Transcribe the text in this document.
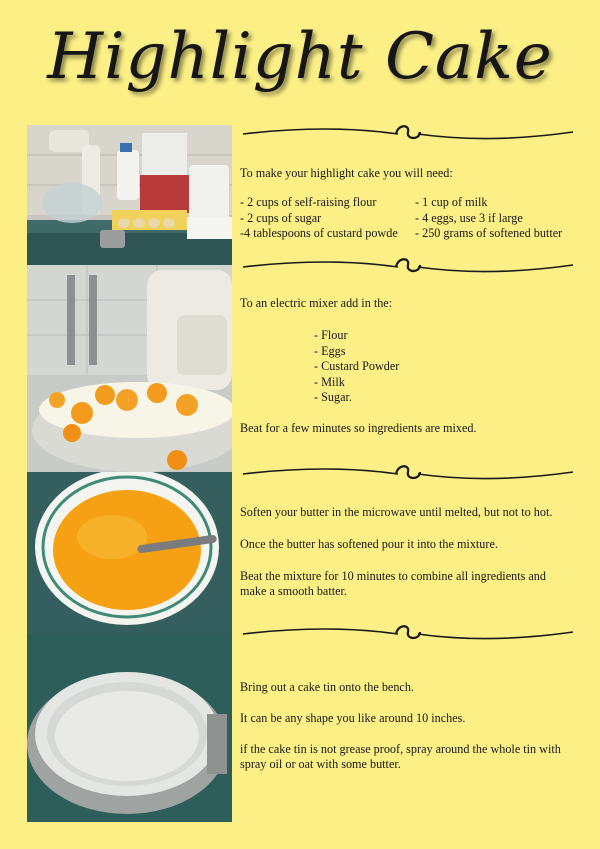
Highlight Cake
To make your highlight cake you will need:
- 2 cups of self-raising flour
- 2 cups of sugar
-4 tablespoons of custard powde
- 1 cup of milk
- 4 eggs, use 3 if large
- 250 grams of softened butter
To an electric mixer add in the:
- Flour
- Eggs
- Custard Powder
- Milk
- Sugar.
Beat for a few minutes so ingredients are mixed.
Soften your butter in the microwave until melted, but not to hot.
Once the butter has softened pour it into the mixture.
Beat the mixture for 10 minutes to combine all ingredients and make a smooth batter.
Bring out a cake tin onto the bench.
It can be any shape you like around 10 inches.
if the cake tin is not grease proof, spray around the whole tin with spray oil or oat with some butter.
